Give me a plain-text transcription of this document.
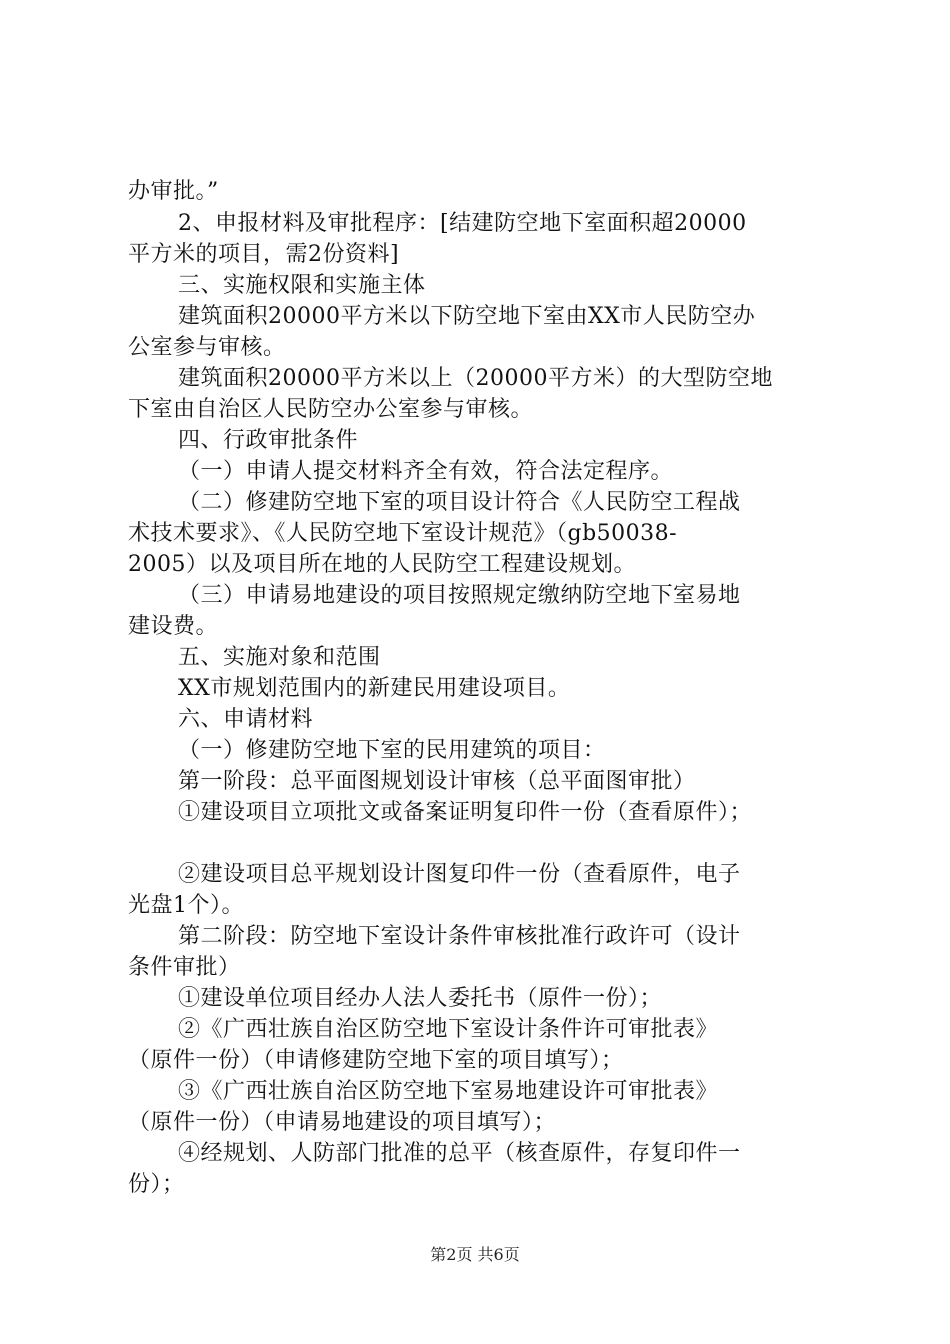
办审批。”
2、申报材料及审批程序：[结建防空地下室面积超20000
平方米的项目，需2份资料]
三、实施权限和实施主体
建筑面积20000平方米以下防空地下室由XX市人民防空办
公室参与审核。
建筑面积20000平方米以上（20000平方米）的大型防空地
下室由自治区人民防空办公室参与审核。
四、行政审批条件
（一）申请人提交材料齐全有效，符合法定程序。
（二）修建防空地下室的项目设计符合《人民防空工程战
术技术要求》、《人民防空地下室设计规范》（gb50038-
2005）以及项目所在地的人民防空工程建设规划。
（三）申请易地建设的项目按照规定缴纳防空地下室易地
建设费。
五、实施对象和范围
XX市规划范围内的新建民用建设项目。
六、申请材料
（一）修建防空地下室的民用建筑的项目：
第一阶段：总平面图规划设计审核（总平面图审批）
①建设项目立项批文或备案证明复印件一份（查看原件）；
②建设项目总平规划设计图复印件一份（查看原件，电子
光盘1个）。
第二阶段：防空地下室设计条件审核批准行政许可（设计
条件审批）
①建设单位项目经办人法人委托书（原件一份）；
②《广西壮族自治区防空地下室设计条件许可审批表》
（原件一份）（申请修建防空地下室的项目填写）；
③《广西壮族自治区防空地下室易地建设许可审批表》
（原件一份）（申请易地建设的项目填写）；
④经规划、人防部门批准的总平（核查原件，存复印件一
份）；
第2页 共6页
